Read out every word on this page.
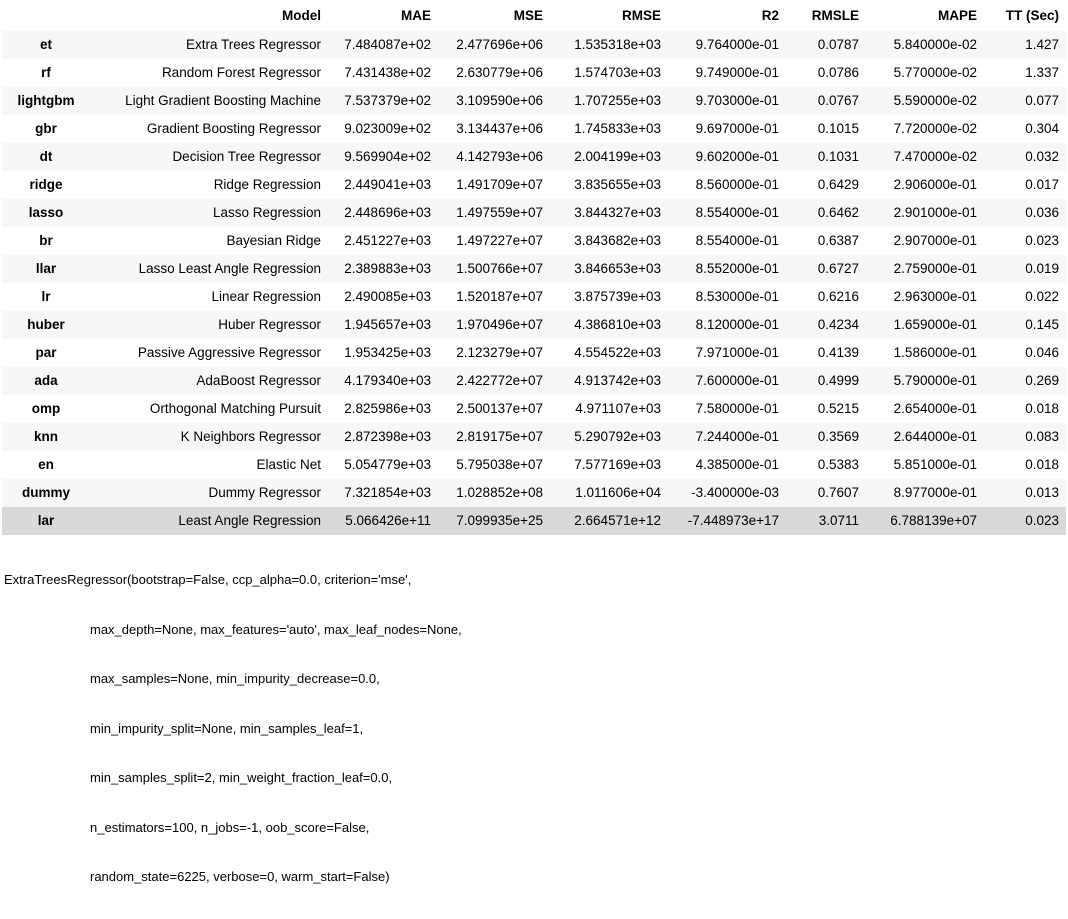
	Model	MAE	MSE	RMSE	R2	RMSLE	MAPE	TT (Sec)
et	Extra Trees Regressor	7.484087e+02	2.477696e+06	1.535318e+03	9.764000e-01	0.0787	5.840000e-02	1.427
rf	Random Forest Regressor	7.431438e+02	2.630779e+06	1.574703e+03	9.749000e-01	0.0786	5.770000e-02	1.337
lightgbm	Light Gradient Boosting Machine	7.537379e+02	3.109590e+06	1.707255e+03	9.703000e-01	0.0767	5.590000e-02	0.077
gbr	Gradient Boosting Regressor	9.023009e+02	3.134437e+06	1.745833e+03	9.697000e-01	0.1015	7.720000e-02	0.304
dt	Decision Tree Regressor	9.569904e+02	4.142793e+06	2.004199e+03	9.602000e-01	0.1031	7.470000e-02	0.032
ridge	Ridge Regression	2.449041e+03	1.491709e+07	3.835655e+03	8.560000e-01	0.6429	2.906000e-01	0.017
lasso	Lasso Regression	2.448696e+03	1.497559e+07	3.844327e+03	8.554000e-01	0.6462	2.901000e-01	0.036
br	Bayesian Ridge	2.451227e+03	1.497227e+07	3.843682e+03	8.554000e-01	0.6387	2.907000e-01	0.023
llar	Lasso Least Angle Regression	2.389883e+03	1.500766e+07	3.846653e+03	8.552000e-01	0.6727	2.759000e-01	0.019
lr	Linear Regression	2.490085e+03	1.520187e+07	3.875739e+03	8.530000e-01	0.6216	2.963000e-01	0.022
huber	Huber Regressor	1.945657e+03	1.970496e+07	4.386810e+03	8.120000e-01	0.4234	1.659000e-01	0.145
par	Passive Aggressive Regressor	1.953425e+03	2.123279e+07	4.554522e+03	7.971000e-01	0.4139	1.586000e-01	0.046
ada	AdaBoost Regressor	4.179340e+03	2.422772e+07	4.913742e+03	7.600000e-01	0.4999	5.790000e-01	0.269
omp	Orthogonal Matching Pursuit	2.825986e+03	2.500137e+07	4.971107e+03	7.580000e-01	0.5215	2.654000e-01	0.018
knn	K Neighbors Regressor	2.872398e+03	2.819175e+07	5.290792e+03	7.244000e-01	0.3569	2.644000e-01	0.083
en	Elastic Net	5.054779e+03	5.795038e+07	7.577169e+03	4.385000e-01	0.5383	5.851000e-01	0.018
dummy	Dummy Regressor	7.321854e+03	1.028852e+08	1.011606e+04	-3.400000e-03	0.7607	8.977000e-01	0.013
lar	Least Angle Regression	5.066426e+11	7.099935e+25	2.664571e+12	-7.448973e+17	3.0711	6.788139e+07	0.023

ExtraTreesRegressor(bootstrap=False, ccp_alpha=0.0, criterion='mse',

max_depth=None, max_features='auto', max_leaf_nodes=None,

max_samples=None, min_impurity_decrease=0.0,

min_impurity_split=None, min_samples_leaf=1,

min_samples_split=2, min_weight_fraction_leaf=0.0,

n_estimators=100, n_jobs=-1, oob_score=False,

random_state=6225, verbose=0, warm_start=False)
